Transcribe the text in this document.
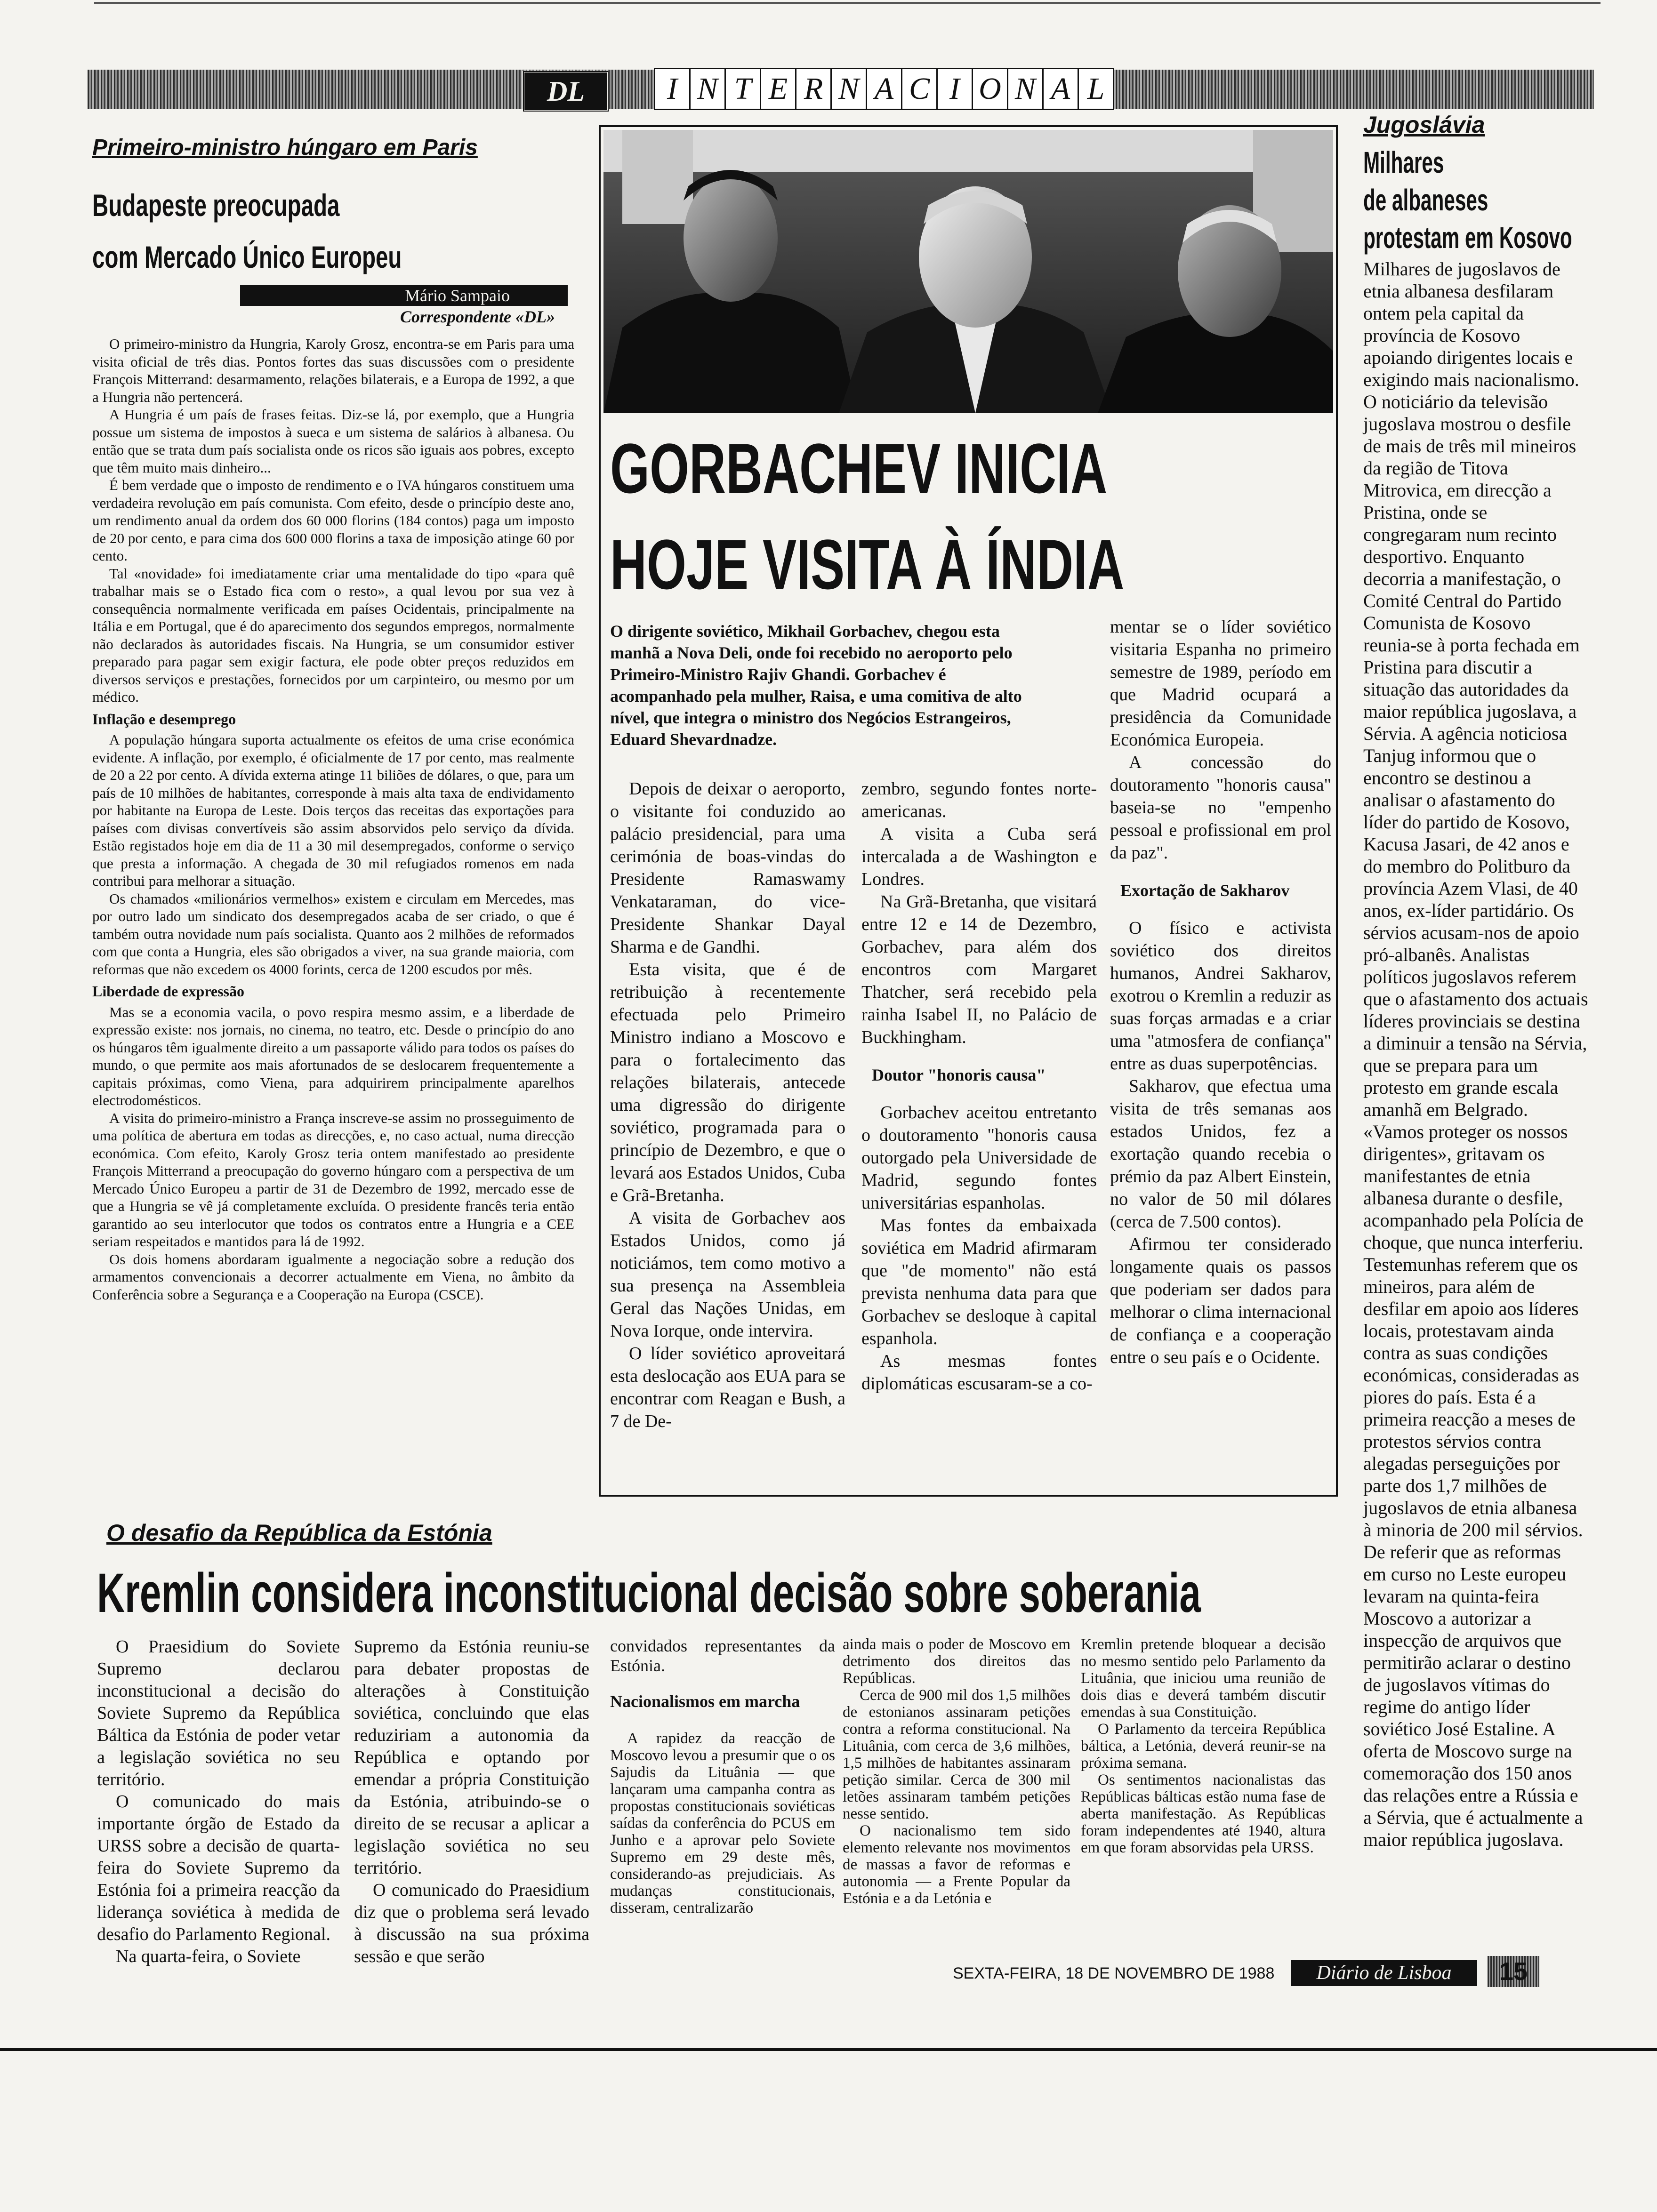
DL	I N T E R N A C I O N A L
Primeiro-ministro húngaro em Paris
Budapeste preocupada
com Mercado Único Europeu
Mário Sampaio
Correspondente «DL»

O primeiro-ministro da Hungria, Karoly Grosz, encontra-se em Paris para uma visita oficial de três dias. Pontos fortes das suas discussões com o presidente François Mitterrand: desarmamento, relações bilaterais, e a Europa de 1992, a que a Hungria não pertencerá.

A Hungria é um país de frases feitas. Diz-se lá, por exemplo, que a Hungria possue um sistema de impostos à sueca e um sistema de salários à albanesa. Ou então que se trata dum país socialista onde os ricos são iguais aos pobres, excepto que têm muito mais dinheiro...

É bem verdade que o imposto de rendimento e o IVA húngaros constituem uma verdadeira revolução em país comunista. Com efeito, desde o princípio deste ano, um rendimento anual da ordem dos 60 000 florins (184 contos) paga um imposto de 20 por cento, e para cima dos 600 000 florins a taxa de imposição atinge 60 por cento.

Tal «novidade» foi imediatamente criar uma mentalidade do tipo «para quê trabalhar mais se o Estado fica com o resto», a qual levou por sua vez à consequência normalmente verificada em países Ocidentais, principalmente na Itália e em Portugal, que é do aparecimento dos segundos empregos, normalmente não declarados às autoridades fiscais. Na Hungria, se um consumidor estiver preparado para pagar sem exigir factura, ele pode obter preços reduzidos em diversos serviços e prestações, fornecidos por um carpinteiro, ou mesmo por um médico.

Inflação e desemprego

A população húngara suporta actualmente os efeitos de uma crise económica evidente. A inflação, por exemplo, é oficialmente de 17 por cento, mas realmente de 20 a 22 por cento. A dívida externa atinge 11 biliões de dólares, o que, para um país de 10 milhões de habitantes, corresponde à mais alta taxa de endividamento por habitante na Europa de Leste. Dois terços das receitas das exportações para países com divisas convertíveis são assim absorvidos pelo serviço da dívida. Estão registados hoje em dia de 11 a 30 mil desempregados, conforme o serviço que presta a informação. A chegada de 30 mil refugiados romenos em nada contribui para melhorar a situação.

Os chamados «milionários vermelhos» existem e circulam em Mercedes, mas por outro lado um sindicato dos desempregados acaba de ser criado, o que é também outra novidade num país socialista. Quanto aos 2 milhões de reformados com que conta a Hungria, eles são obrigados a viver, na sua grande maioria, com reformas que não excedem os 4000 forints, cerca de 1200 escudos por mês.

Liberdade de expressão

Mas se a economia vacila, o povo respira mesmo assim, e a liberdade de expressão existe: nos jornais, no cinema, no teatro, etc. Desde o princípio do ano os húngaros têm igualmente direito a um passaporte válido para todos os países do mundo, o que permite aos mais afortunados de se deslocarem frequentemente a capitais próximas, como Viena, para adquirirem principalmente aparelhos electrodomésticos.

A visita do primeiro-ministro a França inscreve-se assim no prosseguimento de uma política de abertura em todas as direcções, e, no caso actual, numa direcção económica. Com efeito, Karoly Grosz teria ontem manifestado ao presidente François Mitterrand a preocupação do governo húngaro com a perspectiva de um Mercado Único Europeu a partir de 31 de Dezembro de 1992, mercado esse de que a Hungria se vê já completamente excluída. O presidente francês teria então garantido ao seu interlocutor que todos os contratos entre a Hungria e a CEE seriam respeitados e mantidos para lá de 1992.

Os dois homens abordaram igualmente a negociação sobre a redução dos armamentos convencionais a decorrer actualmente em Viena, no âmbito da Conferência sobre a Segurança e a Cooperação na Europa (CSCE).

GORBACHEV INICIA
HOJE VISITA À ÍNDIA
O dirigente soviético, Mikhail Gorbachev, chegou esta manhã a Nova Deli, onde foi recebido no aeroporto pelo Primeiro-Ministro Rajiv Ghandi. Gorbachev é acompanhado pela mulher, Raisa, e uma comitiva de alto nível, que integra o ministro dos Negócios Estrangeiros, Eduard Shevardnadze.

Depois de deixar o aeroporto, o visitante foi conduzido ao palácio presidencial, para uma cerimónia de boas-vindas do Presidente Ramaswamy Venkataraman, do vice-Presidente Shankar Dayal Sharma e de Gandhi.

Esta visita, que é de retribuição à recentemente efectuada pelo Primeiro Ministro indiano a Moscovo e para o fortalecimento das relações bilaterais, antecede uma digressão do dirigente soviético, programada para o princípio de Dezembro, e que o levará aos Estados Unidos, Cuba e Grã-Bretanha.

A visita de Gorbachev aos Estados Unidos, como já noticiámos, tem como motivo a sua presença na Assembleia Geral das Nações Unidas, em Nova Iorque, onde intervira.

O líder soviético aproveitará esta deslocação aos EUA para se encontrar com Reagan e Bush, a 7 de De-

zembro, segundo fontes norte-americanas.

A visita a Cuba será intercalada a de Washington e Londres.

Na Grã-Bretanha, que visitará entre 12 e 14 de Dezembro, Gorbachev, para além dos encontros com Margaret Thatcher, será recebido pela rainha Isabel II, no Palácio de Buckhingham.

Doutor "honoris causa"

Gorbachev aceitou entretanto o doutoramento "honoris causa outorgado pela Universidade de Madrid, segundo fontes universitárias espanholas.

Mas fontes da embaixada soviética em Madrid afirmaram que "de momento" não está prevista nenhuma data para que Gorbachev se desloque à capital espanhola.

As mesmas fontes diplomáticas escusaram-se a co-

mentar se o líder soviético visitaria Espanha no primeiro semestre de 1989, período em que Madrid ocupará a presidência da Comunidade Económica Europeia.

A concessão do doutoramento "honoris causa" baseia-se no "empenho pessoal e profissional em prol da paz".

Exortação de Sakharov

O físico e activista soviético dos direitos humanos, Andrei Sakharov, exotrou o Kremlin a reduzir as suas forças armadas e a criar uma "atmosfera de confiança" entre as duas superpotências.

Sakharov, que efectua uma visita de três semanas aos estados Unidos, fez a exortação quando recebia o prémio da paz Albert Einstein, no valor de 50 mil dólares (cerca de 7.500 contos).

Afirmou ter considerado longamente quais os passos que poderiam ser dados para melhorar o clima internacional de confiança e a cooperação entre o seu país e o Ocidente.

Jugoslávia
Milhares
de albaneses
protestam em Kosovo
Milhares de jugoslavos de etnia albanesa desfilaram ontem pela capital da província de Kosovo apoiando dirigentes locais e exigindo mais nacionalismo. O noticiário da televisão jugoslava mostrou o desfile de mais de três mil mineiros da região de Titova Mitrovica, em direcção a Pristina, onde se congregaram num recinto desportivo. Enquanto decorria a manifestação, o Comité Central do Partido Comunista de Kosovo reunia-se à porta fechada em Pristina para discutir a situação das autoridades da maior república jugoslava, a Sérvia. A agência noticiosa Tanjug informou que o encontro se destinou a analisar o afastamento do líder do partido de Kosovo, Kacusa Jasari, de 42 anos e do membro do Politburo da província Azem Vlasi, de 40 anos, ex-líder partidário. Os sérvios acusam-nos de apoio pró-albanês. Analistas políticos jugoslavos referem que o afastamento dos actuais líderes provinciais se destina a diminuir a tensão na Sérvia, que se prepara para um protesto em grande escala amanhã em Belgrado. «Vamos proteger os nossos dirigentes», gritavam os manifestantes de etnia albanesa durante o desfile, acompanhado pela Polícia de choque, que nunca interferiu. Testemunhas referem que os mineiros, para além de desfilar em apoio aos líderes locais, protestavam ainda contra as suas condições económicas, consideradas as piores do país. Esta é a primeira reacção a meses de protestos sérvios contra alegadas perseguições por parte dos 1,7 milhões de jugoslavos de etnia albanesa à minoria de 200 mil sérvios. De referir que as reformas em curso no Leste europeu levaram na quinta-feira Moscovo a autorizar a inspecção de arquivos que permitirão aclarar o destino de jugoslavos vítimas do regime do antigo líder soviético José Estaline. A oferta de Moscovo surge na comemoração dos 150 anos das relações entre a Rússia e a Sérvia, que é actualmente a maior república jugoslava.
O desafio da República da Estónia
Kremlin considera inconstitucional decisão sobre soberania

O Praesidium do Soviete Supremo declarou inconstitucional a decisão do Soviete Supremo da República Báltica da Estónia de poder vetar a legislação soviética no seu território.

O comunicado do mais importante órgão de Estado da URSS sobre a decisão de quarta-feira do Soviete Supremo da Estónia foi a primeira reacção da liderança soviética à medida de desafio do Parlamento Regional.

Na quarta-feira, o Soviete

Supremo da Estónia reuniu-se para debater propostas de alterações à Constituição soviética, concluindo que elas reduziriam a autonomia da República e optando por emendar a própria Constituição da Estónia, atribuindo-se o direito de se recusar a aplicar a legislação soviética no seu território.

O comunicado do Praesidium diz que o problema será levado à discussão na sua próxima sessão e que serão

convidados representantes da Estónia.

Nacionalismos em marcha

A rapidez da reacção de Moscovo levou a presumir que o os Sajudis da Lituânia — que lançaram uma campanha contra as propostas constitucionais soviéticas saídas da conferência do PCUS em Junho e a aprovar pelo Soviete Supremo em 29 deste mês, considerando-as prejudiciais. As mudanças constitucionais, disseram, centralizarão

ainda mais o poder de Moscovo em detrimento dos direitos das Repúblicas.

Cerca de 900 mil dos 1,5 milhões de estonianos assinaram petições contra a reforma constitucional. Na Lituânia, com cerca de 3,6 milhões, 1,5 milhões de habitantes assinaram petição similar. Cerca de 300 mil letões assinaram também petições nesse sentido.

O nacionalismo tem sido elemento relevante nos movimentos de massas a favor de reformas e autonomia — a Frente Popular da Estónia e a da Letónia e

Kremlin pretende bloquear a decisão no mesmo sentido pelo Parlamento da Lituânia, que iniciou uma reunião de dois dias e deverá também discutir emendas à sua Constituição.

O Parlamento da terceira República báltica, a Letónia, deverá reunir-se na próxima semana.

Os sentimentos nacionalistas das Repúblicas bálticas estão numa fase de aberta manifestação. As Repúblicas foram independentes até 1940, altura em que foram absorvidas pela URSS.

SEXTA-FEIRA, 18 DE NOVEMBRO DE 1988	Diário de Lisboa	15
